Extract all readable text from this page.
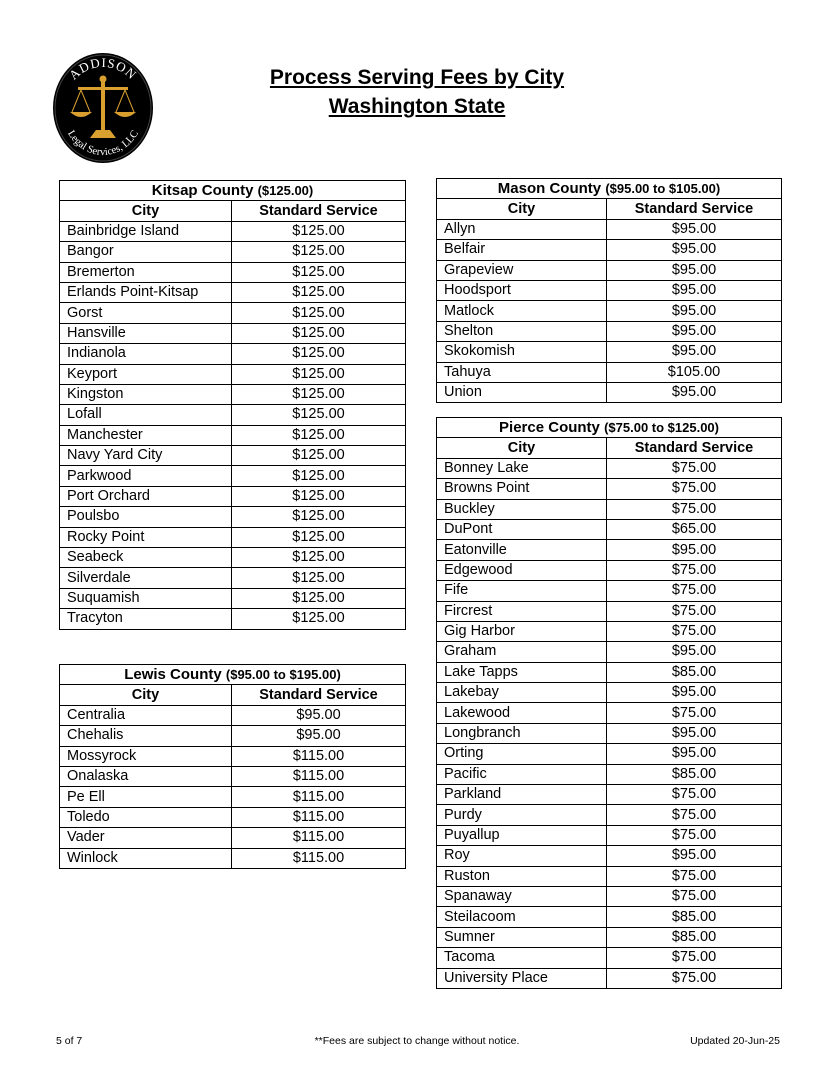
ADDISON
Legal Services, LLC
Process Serving Fees by City
Washington State
Kitsap County ($125.00)	
City	Standard Service
Bainbridge Island	$125.00
Bangor	$125.00
Bremerton	$125.00
Erlands Point-Kitsap	$125.00
Gorst	$125.00
Hansville	$125.00
Indianola	$125.00
Keyport	$125.00
Kingston	$125.00
Lofall	$125.00
Manchester	$125.00
Navy Yard City	$125.00
Parkwood	$125.00
Port Orchard	$125.00
Poulsbo	$125.00
Rocky Point	$125.00
Seabeck	$125.00
Silverdale	$125.00
Suquamish	$125.00
Tracyton	$125.00
Lewis County ($95.00 to $195.00)	
City	Standard Service
Centralia	$95.00
Chehalis	$95.00
Mossyrock	$115.00
Onalaska	$115.00
Pe Ell	$115.00
Toledo	$115.00
Vader	$115.00
Winlock	$115.00
Mason County ($95.00 to $105.00)	
City	Standard Service
Allyn	$95.00
Belfair	$95.00
Grapeview	$95.00
Hoodsport	$95.00
Matlock	$95.00
Shelton	$95.00
Skokomish	$95.00
Tahuya	$105.00
Union	$95.00
Pierce County ($75.00 to $125.00)	
City	Standard Service
Bonney Lake	$75.00
Browns Point	$75.00
Buckley	$75.00
DuPont	$65.00
Eatonville	$95.00
Edgewood	$75.00
Fife	$75.00
Fircrest	$75.00
Gig Harbor	$75.00
Graham	$95.00
Lake Tapps	$85.00
Lakebay	$95.00
Lakewood	$75.00
Longbranch	$95.00
Orting	$95.00
Pacific	$85.00
Parkland	$75.00
Purdy	$75.00
Puyallup	$75.00
Roy	$95.00
Ruston	$75.00
Spanaway	$75.00
Steilacoom	$85.00
Sumner	$85.00
Tacoma	$75.00
University Place	$75.00
5 of 7	**Fees are subject to change without notice.	Updated 20-Jun-25
